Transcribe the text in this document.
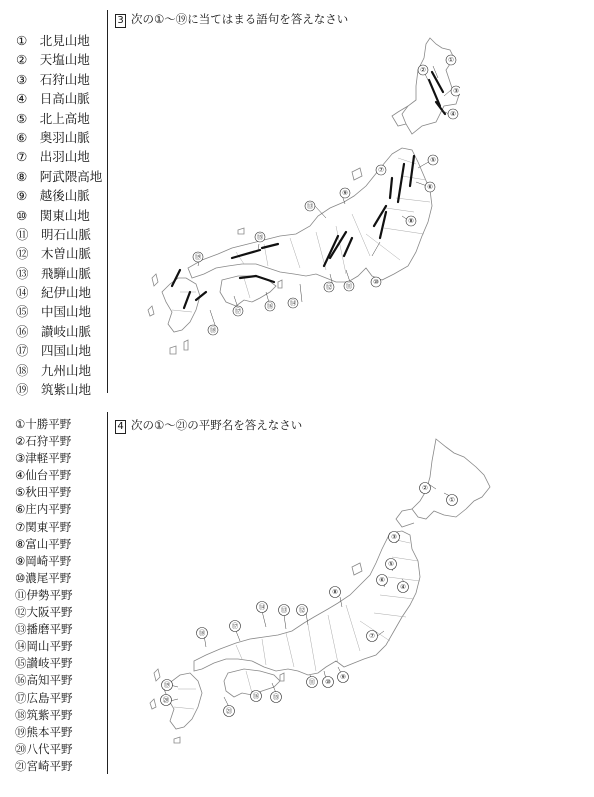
①　北見山地
②　天塩山地
③　石狩山地
④　日高山脈
⑤　北上高地
⑥　奥羽山脈
⑦　出羽山地
⑧　阿武隈高地
⑨　越後山脈
⑩　関東山地
⑪　明石山脈
⑫　木曽山脈
⑬　飛騨山脈
⑭　紀伊山地
⑮　中国山地
⑯　讃岐山脈
⑰　四国山地
⑱　九州山地
⑲　筑紫山地
3 次の①～⑲に当てはまる語句を答えなさい
①
②
③
④
⑤
⑥
⑦
⑧
⑨
⑩
⑪
⑫
⑬
⑭
⑮
⑯
⑰
⑱
⑲
①十勝平野
②石狩平野
③津軽平野
④仙台平野
⑤秋田平野
⑥庄内平野
⑦関東平野
⑧富山平野
⑨岡崎平野
⑩濃尾平野
⑪伊勢平野
⑫大阪平野
⑬播磨平野
⑭岡山平野
⑮讃岐平野
⑯高知平野
⑰広島平野
⑱筑紫平野
⑲熊本平野
⑳八代平野
㉑宮崎平野
4 次の①～㉑の平野名を答えなさい
①
②
③
④
⑤
⑥
⑦
⑧
⑨
⑩
⑪
⑫
⑬
⑭
⑮
⑯
⑰
⑱
⑲
⑳
㉑
